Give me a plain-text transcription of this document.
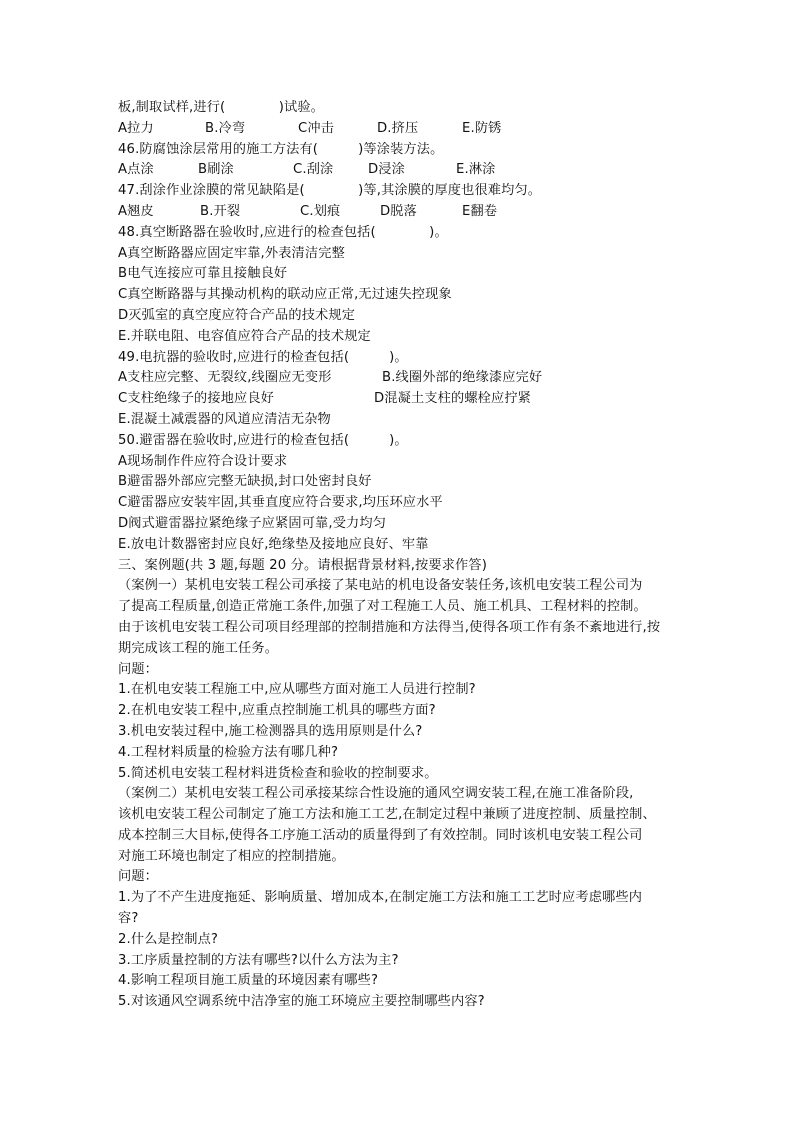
板,制取试样,进行(　　　　)试验。
A拉力	B.冷弯	C冲击	D.挤压	E.防锈
46.防腐蚀涂层常用的施工方法有(　　　)等涂装方法。
A点涂	B刷涂	C.刮涂	D浸涂	E.淋涂
47.刮涂作业涂膜的常见缺陷是(　　　　)等,其涂膜的厚度也很难均匀。
A翘皮	B.开裂	C.划痕	D脱落	E翻卷
48.真空断路器在验收时,应进行的检查包括(　　　　)。
A真空断路器应固定牢靠,外表清洁完整
B电气连接应可靠且接触良好
C真空断路器与其操动机构的联动应正常,无过速失控现象
D灭弧室的真空度应符合产品的技术规定
E.并联电阻、电容值应符合产品的技术规定
49.电抗器的验收时,应进行的检查包括(　　　)。
A支柱应完整、无裂纹,线圈应无变形	B.线圈外部的绝缘漆应完好
C支柱绝缘子的接地应良好	D混凝土支柱的螺栓应拧紧
E.混凝土减震器的风道应清洁无杂物
50.避雷器在验收时,应进行的检查包括(　　　)。
A现场制作件应符合设计要求
B避雷器外部应完整无缺损,封口处密封良好
C避雷器应安装牢固,其垂直度应符合要求,均压环应水平
D阀式避雷器拉紧绝缘子应紧固可靠,受力均匀
E.放电计数器密封应良好,绝缘垫及接地应良好、牢靠
三、案例题(共 3 题,每题 20 分。请根据背景材料,按要求作答)
（案例一）某机电安装工程公司承接了某电站的机电设备安装任务,该机电安装工程公司为
了提高工程质量,创造正常施工条件,加强了对工程施工人员、施工机具、工程材料的控制。
由于该机电安装工程公司项目经理部的控制措施和方法得当,使得各项工作有条不紊地进行,按
期完成该工程的施工任务。
问题：
1.在机电安装工程施工中,应从哪些方面对施工人员进行控制?
2.在机电安装工程中,应重点控制施工机具的哪些方面?
3.机电安装过程中,施工检测器具的选用原则是什么?
4.工程材料质量的检验方法有哪几种?
5.简述机电安装工程材料进货检查和验收的控制要求。
（案例二）某机电安装工程公司承接某综合性设施的通风空调安装工程,在施工准备阶段,
该机电安装工程公司制定了施工方法和施工工艺,在制定过程中兼顾了进度控制、质量控制、
成本控制三大目标,使得各工序施工活动的质量得到了有效控制。同时该机电安装工程公司
对施工环境也制定了相应的控制措施。
问题：
1.为了不产生进度拖延、影响质量、增加成本,在制定施工方法和施工工艺时应考虑哪些内
容?
2.什么是控制点?
3.工序质量控制的方法有哪些?以什么方法为主?
4.影响工程项目施工质量的环境因素有哪些?
5.对该通风空调系统中洁净室的施工环境应主要控制哪些内容?
